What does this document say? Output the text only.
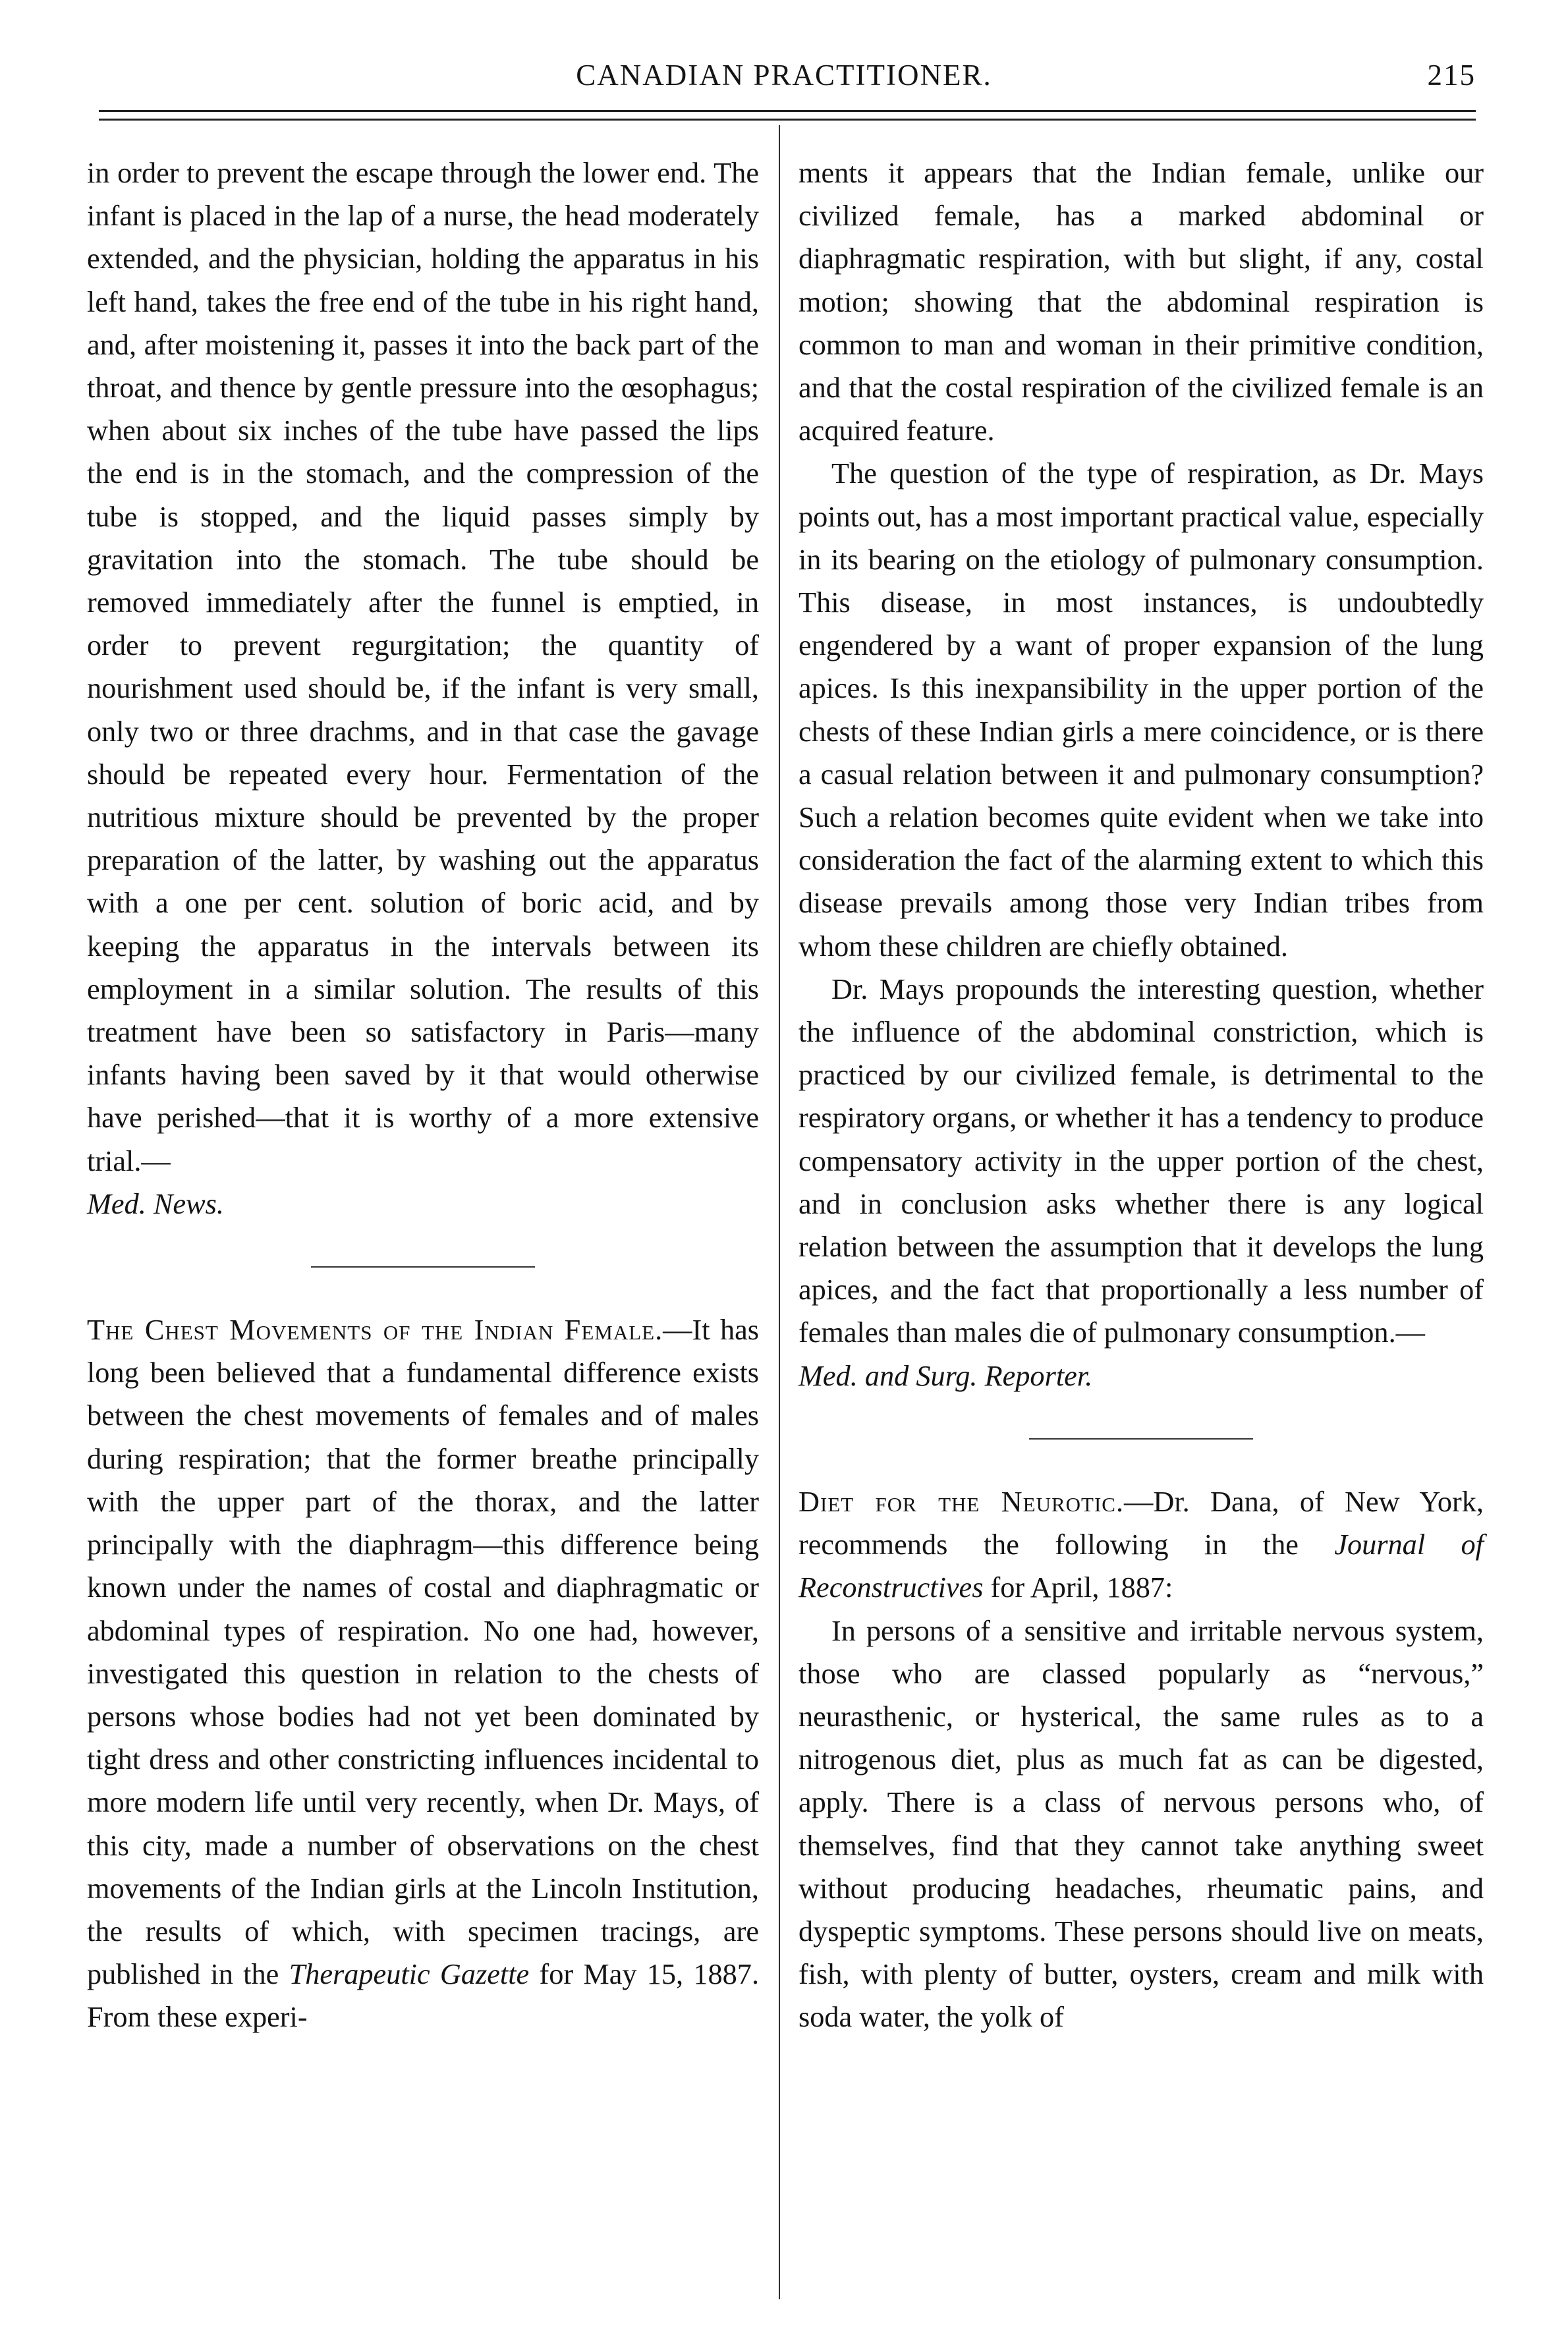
CANADIAN PRACTITIONER.	215

in order to prevent the escape through the lower end. The infant is placed in the lap of a nurse, the head moderately extended, and the physician, holding the apparatus in his left hand, takes the free end of the tube in his right hand, and, after moistening it, passes it into the back part of the throat, and thence by gentle pressure into the œsophagus; when about six inches of the tube have passed the lips the end is in the stomach, and the compression of the tube is stopped, and the liquid passes simply by gravitation into the stomach. The tube should be removed immediately after the funnel is emptied, in order to prevent regurgitation; the quantity of nourishment used should be, if the infant is very small, only two or three drachms, and in that case the gavage should be repeated every hour. Fermentation of the nutritious mixture should be prevented by the proper preparation of the latter, by washing out the apparatus with a one per cent. solution of boric acid, and by keeping the apparatus in the intervals between its employment in a similar solution. The results of this treatment have been so satisfactory in Paris—many infants having been saved by it that would otherwise have perished—that it is worthy of a more extensive trial.—
Med. News.

The Chest Movements of the Indian Female.—It has long been believed that a fundamental difference exists between the chest movements of females and of males during respiration; that the former breathe principally with the upper part of the thorax, and the latter principally with the diaphragm—this difference being known under the names of costal and diaphragmatic or abdominal types of respiration. No one had, however, investigated this question in relation to the chests of persons whose bodies had not yet been dominated by tight dress and other constricting influences incidental to more modern life until very recently, when Dr. Mays, of this city, made a number of observations on the chest movements of the Indian girls at the Lincoln Institution, the results of which, with specimen tracings, are published in the Therapeutic Gazette for May 15, 1887. From these experi-

ments it appears that the Indian female, unlike our civilized female, has a marked abdominal or diaphragmatic respiration, with but slight, if any, costal motion; showing that the abdominal respiration is common to man and woman in their primitive condition, and that the costal respiration of the civilized female is an acquired feature.

The question of the type of respiration, as Dr. Mays points out, has a most important practical value, especially in its bearing on the etiology of pulmonary consumption. This disease, in most instances, is undoubtedly engendered by a want of proper expansion of the lung apices. Is this inexpansibility in the upper portion of the chests of these Indian girls a mere coincidence, or is there a casual relation between it and pulmonary consumption? Such a relation becomes quite evident when we take into consideration the fact of the alarming extent to which this disease prevails among those very Indian tribes from whom these children are chiefly obtained.

Dr. Mays propounds the interesting question, whether the influence of the abdominal constriction, which is practiced by our civilized female, is detrimental to the respiratory organs, or whether it has a tendency to produce compensatory activity in the upper portion of the chest, and in conclusion asks whether there is any logical relation between the assumption that it develops the lung apices, and the fact that proportionally a less number of females than males die of pulmonary consumption.—
Med. and Surg. Reporter.

Diet for the Neurotic.—Dr. Dana, of New York, recommends the following in the Journal of Reconstructives for April, 1887:

In persons of a sensitive and irritable nervous system, those who are classed popularly as “nervous,” neurasthenic, or hysterical, the same rules as to a nitrogenous diet, plus as much fat as can be digested, apply. There is a class of nervous persons who, of themselves, find that they cannot take anything sweet without producing headaches, rheumatic pains, and dyspeptic symptoms. These persons should live on meats, fish, with plenty of butter, oysters, cream and milk with soda water, the yolk of
